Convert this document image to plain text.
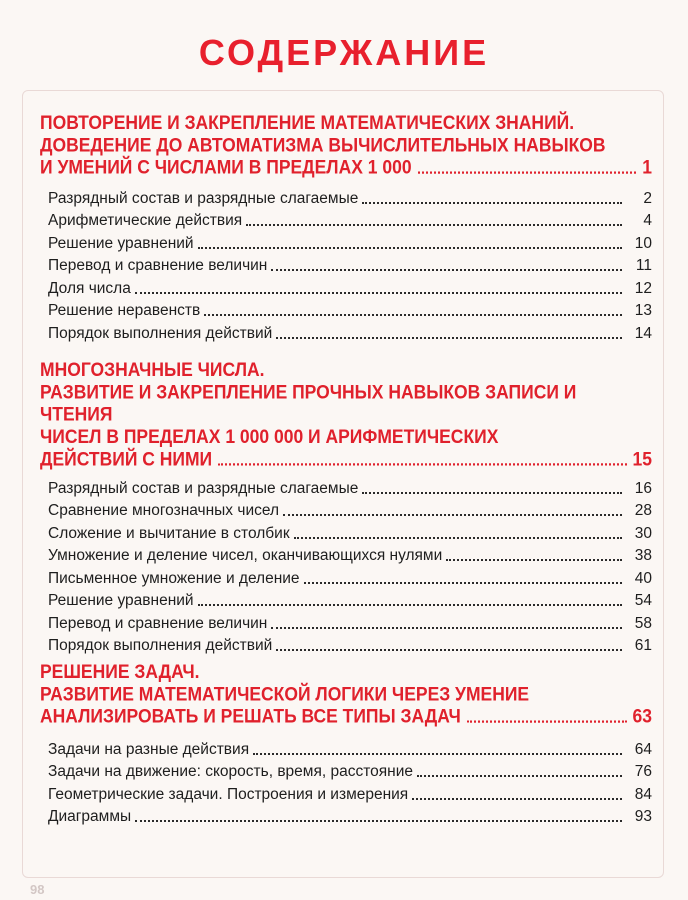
СОДЕРЖАНИЕ
ПОВТОРЕНИЕ И ЗАКРЕПЛЕНИЕ МАТЕМАТИЧЕСКИХ ЗНАНИЙ.
ДОВЕДЕНИЕ ДО АВТОМАТИЗМА ВЫЧИСЛИТЕЛЬНЫХ НАВЫКОВ
И УМЕНИЙ С ЧИСЛАМИ В ПРЕДЕЛАХ 1 000	1
Разрядный состав и разрядные слагаемые	2
Арифметические действия	4
Решение уравнений	10
Перевод и сравнение величин	11
Доля числа	12
Решение неравенств	13
Порядок выполнения действий	14
МНОГОЗНАЧНЫЕ ЧИСЛА.
РАЗВИТИЕ И ЗАКРЕПЛЕНИЕ ПРОЧНЫХ НАВЫКОВ ЗАПИСИ И ЧТЕНИЯ
ЧИСЕЛ В ПРЕДЕЛАХ 1 000 000 И АРИФМЕТИЧЕСКИХ
ДЕЙСТВИЙ С НИМИ	15
Разрядный состав и разрядные слагаемые	16
Сравнение многозначных чисел	28
Сложение и вычитание в столбик	30
Умножение и деление чисел, оканчивающихся нулями	38
Письменное умножение и деление	40
Решение уравнений	54
Перевод и сравнение величин	58
Порядок выполнения действий	61
РЕШЕНИЕ ЗАДАЧ.
РАЗВИТИЕ МАТЕМАТИЧЕСКОЙ ЛОГИКИ ЧЕРЕЗ УМЕНИЕ
АНАЛИЗИРОВАТЬ И РЕШАТЬ ВСЕ ТИПЫ ЗАДАЧ	63
Задачи на разные действия	64
Задачи на движение: скорость, время, расстояние	76
Геометрические задачи. Построения и измерения	84
Диаграммы	93
98
